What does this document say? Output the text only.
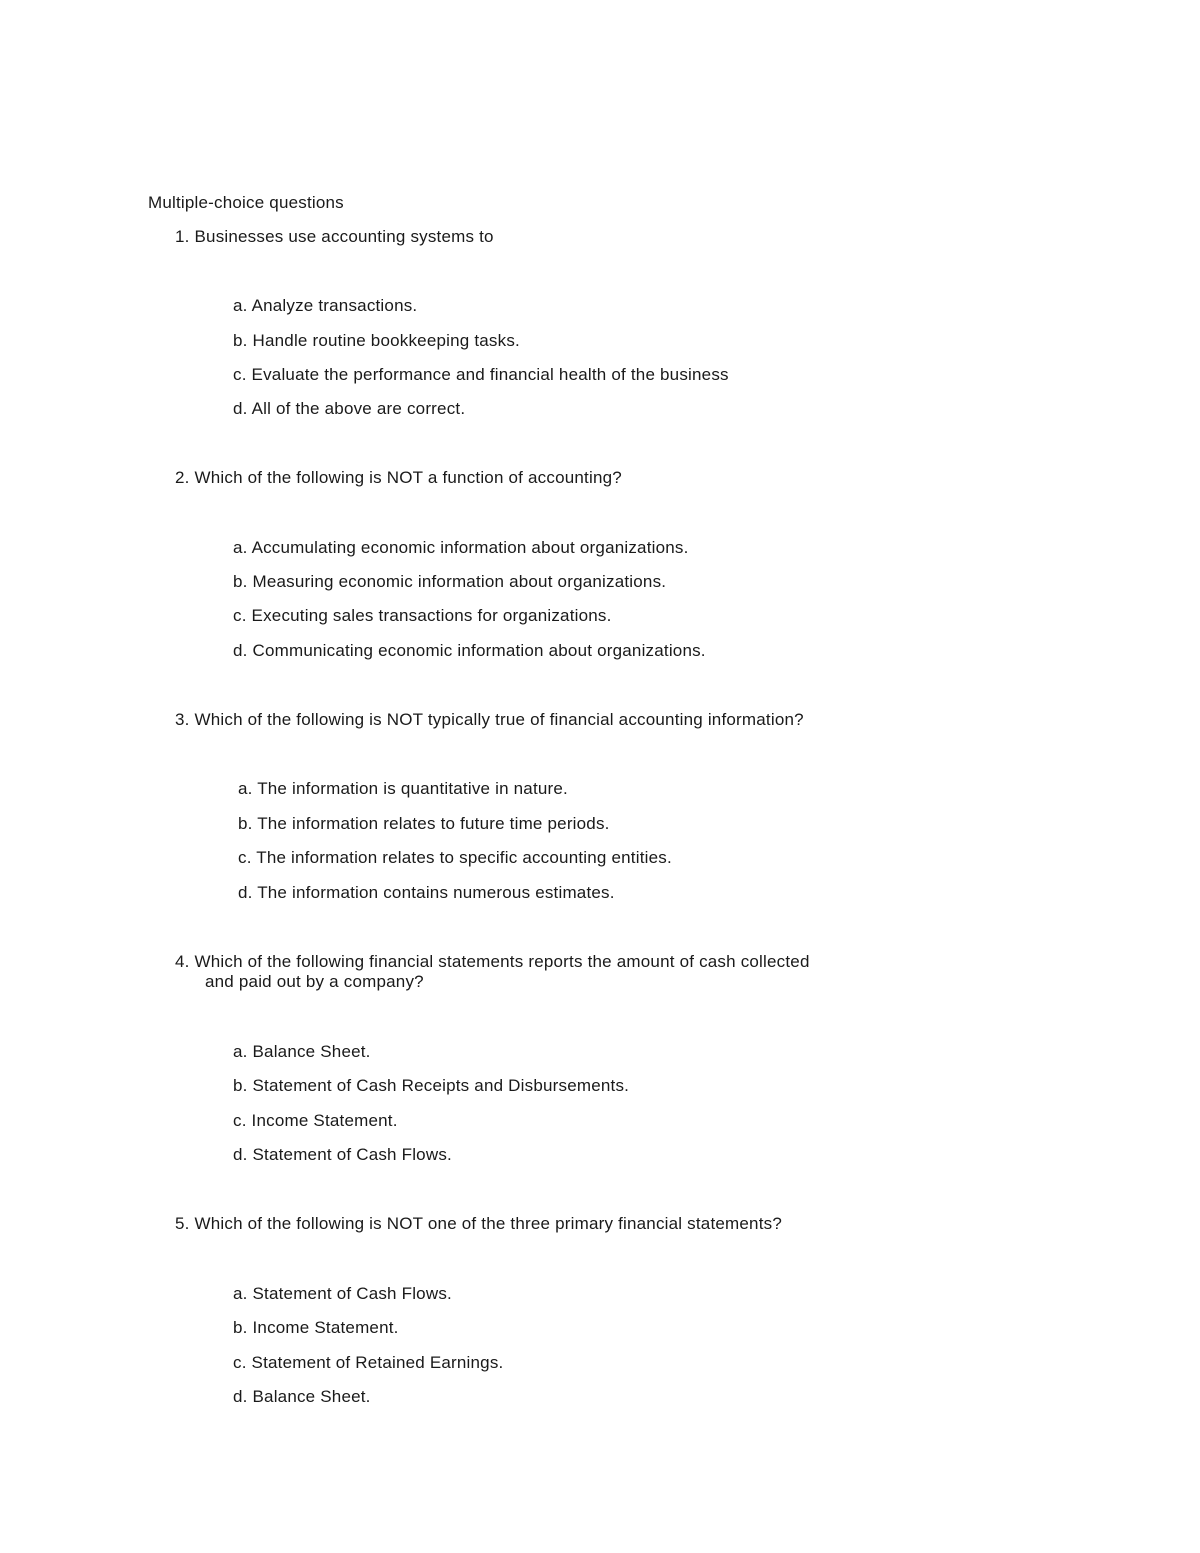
Multiple-choice questions
1. Businesses use accounting systems to
a. Analyze transactions.
b. Handle routine bookkeeping tasks.
c. Evaluate the performance and financial health of the business
d. All of the above are correct.
2. Which of the following is NOT a function of accounting?
a. Accumulating economic information about organizations.
b. Measuring economic information about organizations.
c. Executing sales transactions for organizations.
d. Communicating economic information about organizations.
3. Which of the following is NOT typically true of financial accounting information?
a. The information is quantitative in nature.
b. The information relates to future time periods.
c. The information relates to specific accounting entities.
d. The information contains numerous estimates.
4. Which of the following financial statements reports the amount of cash collected
and paid out by a company?
a. Balance Sheet.
b. Statement of Cash Receipts and Disbursements.
c. Income Statement.
d. Statement of Cash Flows.
5. Which of the following is NOT one of the three primary financial statements?
a. Statement of Cash Flows.
b. Income Statement.
c. Statement of Retained Earnings.
d. Balance Sheet.
